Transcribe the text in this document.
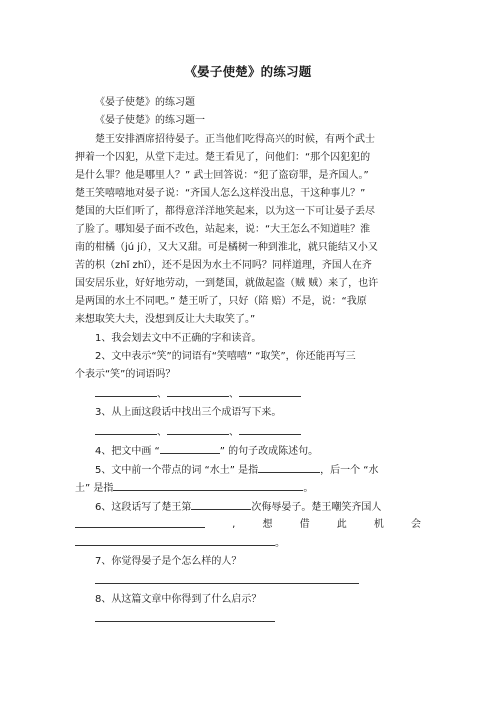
《晏子使楚》的练习题
《晏子使楚》的练习题
《晏子使楚》的练习题一
楚王安排酒席招待晏子。正当他们吃得高兴的时候，有两个武士
押着一个囚犯，从堂下走过。楚王看见了，问他们：“那个囚犯犯的
是什么罪？他是哪里人？” 武士回答说：“犯了盗窃罪，是齐国人。”
楚王笑嘻嘻地对晏子说：“齐国人怎么这样没出息，干这种事儿？”
楚国的大臣们听了，都得意洋洋地笑起来，以为这一下可让晏子丢尽
了脸了。哪知晏子面不改色，站起来，说：“大王怎么不知道哇？淮
南的柑橘（jú jí），又大又甜。可是橘树一种到淮北，就只能结又小又
苦的枳（zhǐ zhǐ），还不是因为水土不同吗？同样道理，齐国人在齐
国安居乐业，好好地劳动，一到楚国，就做起盗（贼 贼）来了，也许
是两国的水土不同吧。” 楚王听了，只好（陪 赔）不是，说：“我原
来想取笑大夫，没想到反让大夫取笑了。”
1、我会划去文中不正确的字和读音。
2、文中表示“笑”的词语有“笑嘻嘻” “取笑”，你还能再写三
个表示“笑”的词语吗？
、	、
3、从上面这段话中找出三个成语写下来。
、	、
4、把文中画 “	” 的句子改成陈述句。
5、文中前一个带点的词 “水土” 是指	，后一个 “水
土” 是指	。
6、这段话写了楚王第	次侮辱晏子。楚王嘲笑齐国人
,	想	借	此	机	会
。
7、你觉得晏子是个怎么样的人？
8、从这篇文章中你得到了什么启示？
